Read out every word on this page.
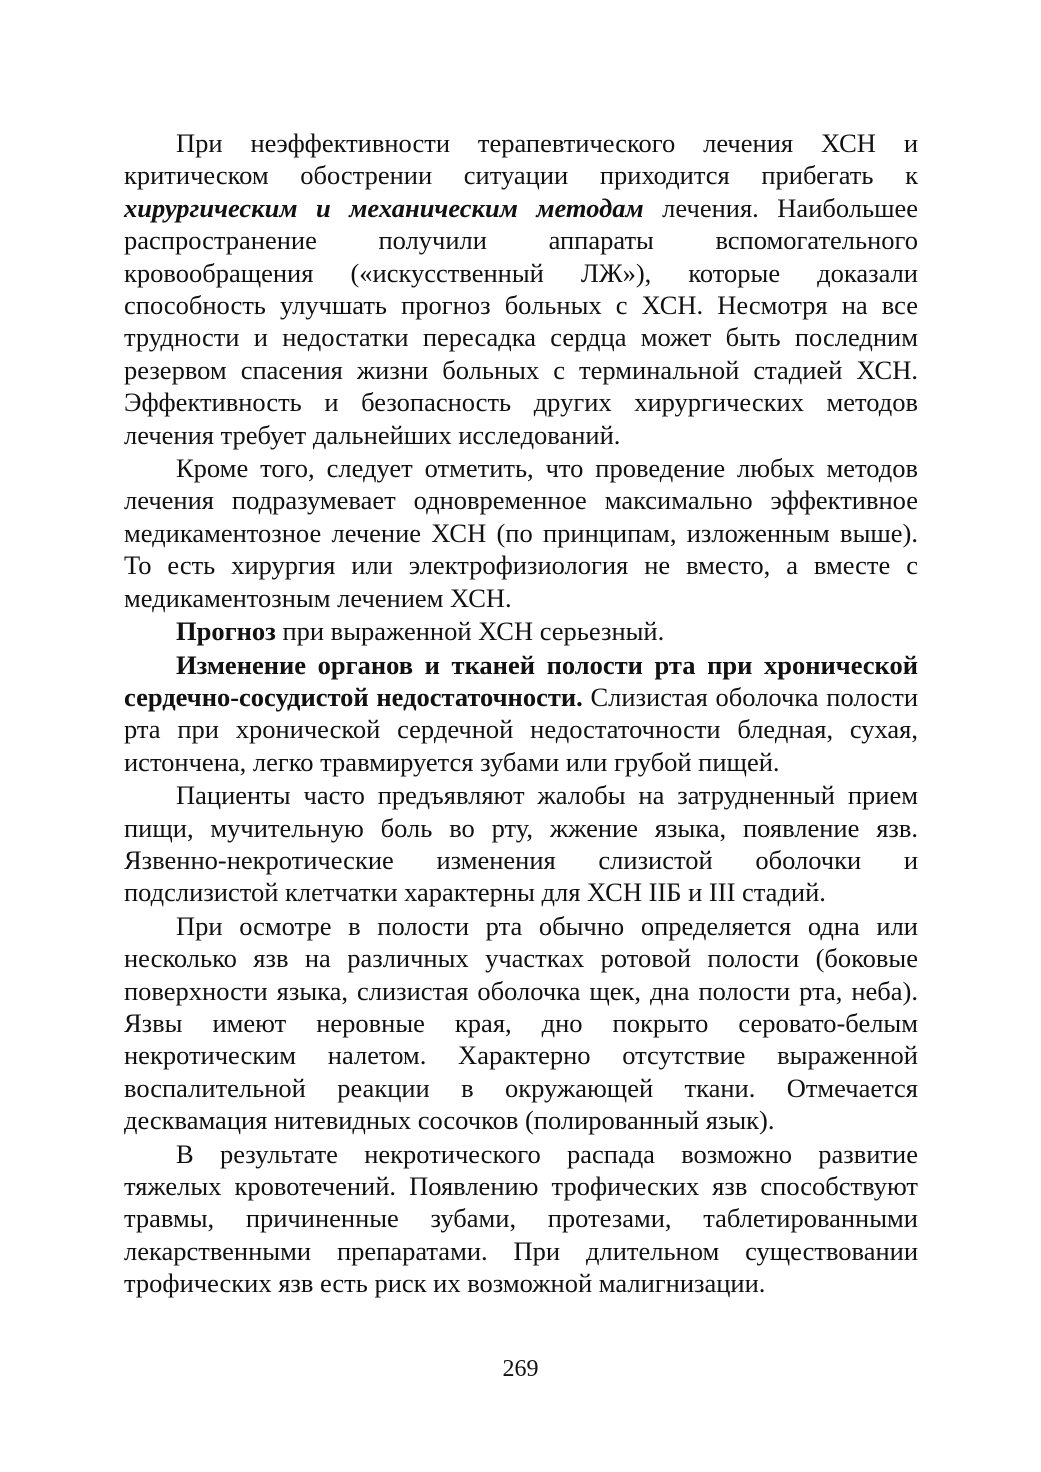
При неэффективности терапевтического лечения ХСН и критическом обострении ситуации приходится прибегать к хирургическим и механическим методам лечения. Наибольшее распространение получили аппараты вспомогательного кровообращения («искусственный ЛЖ»), которые доказали способность улучшать прогноз больных с ХСН. Несмотря на все трудности и недостатки пересадка сердца может быть последним резервом спасения жизни больных с терминальной стадией ХСН. Эффективность и безопасность других хирургических методов лечения требует дальнейших исследований.

Кроме того, следует отметить, что проведение любых методов лечения подразумевает одновременное максимально эффективное медикаментозное лечение ХСН (по принципам, изложенным выше). То есть хирургия или электрофизиология не вместо, а вместе с медикаментозным лечением ХСН.

Прогноз при выраженной ХСН серьезный.

Изменение органов и тканей полости рта при хронической сердечно-сосудистой недостаточности. Слизистая оболочка полости рта при хронической сердечной недостаточности бледная, сухая, истончена, легко травмируется зубами или грубой пищей.

Пациенты часто предъявляют жалобы на затрудненный прием пищи, мучительную боль во рту, жжение языка, появление язв. Язвенно-некротические изменения слизистой оболочки и подслизистой клетчатки характерны для ХСН IIБ и III стадий.

При осмотре в полости рта обычно определяется одна или несколько язв на различных участках ротовой полости (боковые поверхности языка, слизистая оболочка щек, дна полости рта, неба). Язвы имеют неровные края, дно покрыто серовато-белым некротическим налетом. Характерно отсутствие выраженной воспалительной реакции в окружающей ткани. Отмечается десквамация нитевидных сосочков (полированный язык).

В результате некротического распада возможно развитие тяжелых кровотечений. Появлению трофических язв способствуют травмы, причиненные зубами, протезами, таблетированными лекарственными препаратами. При длительном существовании трофических язв есть риск их возможной малигнизации.

269
